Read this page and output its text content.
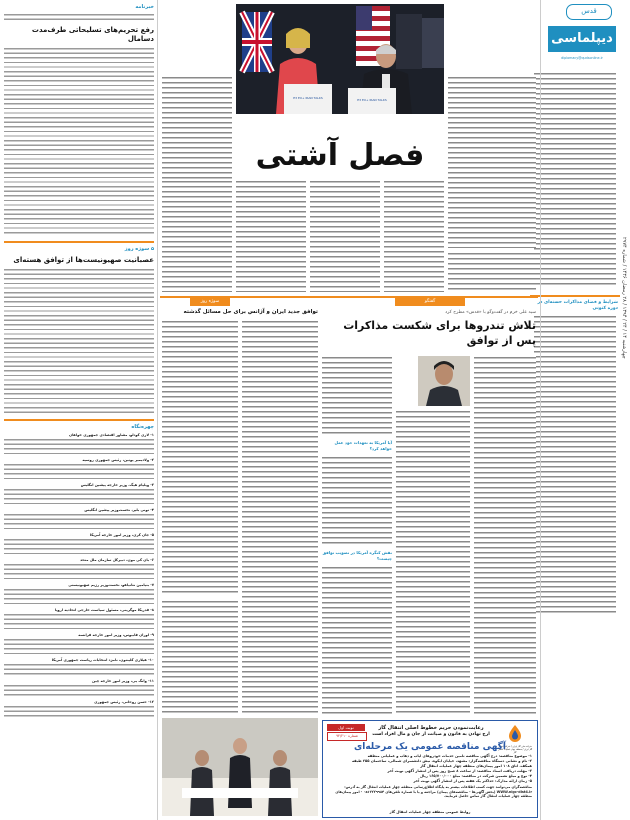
قدس
دیپلماسی
diplomacy@qudsonline.ir
چهارشنبه ۱۴ / ۲۴ / ۱۳۹۴ / ۲۸ رمضان ۱۴۳۶ / شماره ۲۹۷۴
شرایط و فضای مذاکرات حسنه‌ای در دوره کنونی
خبرنامه
رفع تحریم‌های تسلیحاتی طرف‌مدت دسامال
۵ سوژه روز
عصبانیت صهیونیست‌ها از توافق هسته‌ای
چهره‌نگاه
۱- لاری کودلو، مشاور اقتصادی جمهوری خواهان
۲- ولادیمیر پوتین، رئیس جمهوری روسیه
۳- ویلیام هیگ، وزیر خارجه پیشین انگلیس
۴- تونی بلیر، نخست‌وزیر پیشین انگلیس
۵- جان کری، وزیر امور خارجه آمریکا
۶- بان کی مون، دبیرکل سازمان ملل متحد
۷- بنیامین نتانیاهو، نخست‌وزیر رژیم صهیونیستی
۸- فدریکا موگرینی، مسئول سیاست خارجی اتحادیه اروپا
۹- لوران فابیوس، وزیر امور خارجه فرانسه
۱۰- هیلاری کلینتون، نامزد انتخابات ریاست جمهوری آمریکا
۱۱- وانگ یی، وزیر امور خارجه چین
۱۲- حسن روحانی، رئیس جمهوری
E3 EU+ IRAN TALKS	E3 EU+ IRAN TALKS
فصل آشتی
گفتگو
سید علی خرم در گفت‌وگو با «قدس» مطرح کرد
تلاش تندروها برای شکست مذاکرات پس از توافق
آیا آمریکا به تعهدات خود عمل خواهد کرد؟
نقش کنگره آمریکا در تصویب توافق چیست؟
سوژه روز
توافق جدید ایران و آژانس برای حل مسائل گذشته
شرکت ملی گاز ایران / شرکت انتقال گاز ایران / منطقه چهار عملیات انتقال گاز
رعایت‌نمودن حریم خطوط اصلی انتقال گاز
ارج نهادن به قانون و صیانت از جان و مال افراد است
نوبت اول
شماره ۹۴/۲۱۰
آگهی مناقصه عمومی یک مرحله‌ای
۱- موضوع مناقصه: درج آگهی مناقصه تامین خدمات خودروهای ایاب و ذهاب و عملیاتی منطقه
۲- نام و نشانی دستگاه مناقصه‌گزار: مشهد، خیابان ابکوه، نبش دانشسرای شمالی، ساختمان ۲۵۵ طبقه
همکف، اتاق ۱۰۸ امور پیمان‌های منطقه چهار عملیات انتقال گاز
۳- مهلت دریافت اسناد مناقصه: از ساعت ۸ صبح روز پس از انتشار آگهی نوبت آخر
۴- نوع و مبلغ تضمین شرکت در مناقصه: مبلغ ۱۶۵/۷۰۰/۰۰۰ ریال
۵- زمان ارائه مدارک: حداکثر یک هفته پس از انتشار آگهی نوبت آخر
مناقصه‌گران می‌توانند جهت کسب اطلاعات بیشتر به پایگاه اطلاع‌رسانی منطقه چهار عملیات انتقال گاز به آدرس: WWW.nigc-dist4.ir (بخش آگهی‌ها - مناقصه‌های پیمان) مراجعه و یا با شماره تلفن‌های ۰۵۱۳۲۲۹۹۸۴ - امور پیمان‌های منطقه چهار عملیات انتقال گاز تماس حاصل فرمایند.
روابط عمومی منطقه چهار عملیات انتقال گاز
